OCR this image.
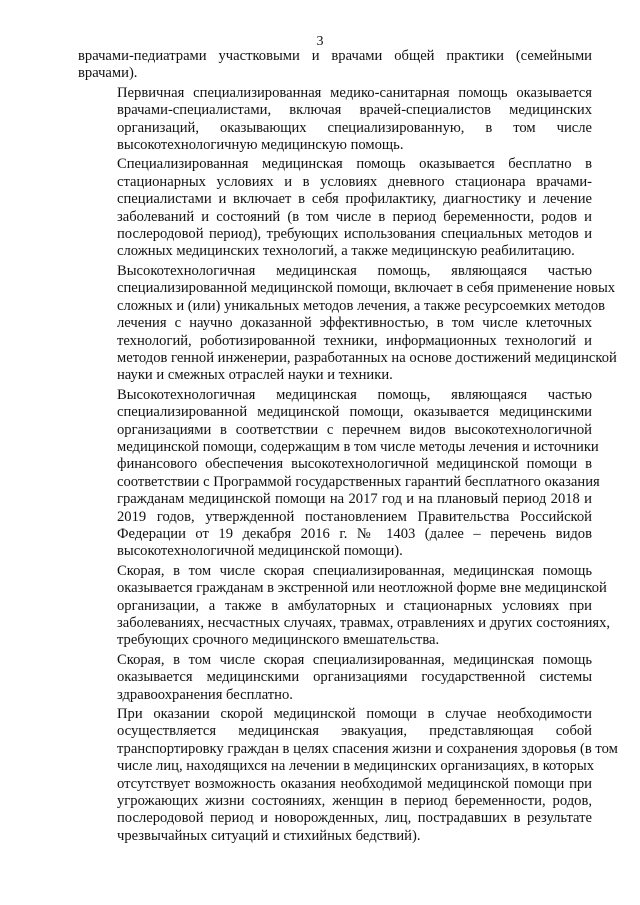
3

врачами-педиатрами участковыми и врачами общей практики (семейными
врачами).

Первичная специализированная медико-санитарная помощь оказывается
врачами-специалистами, включая врачей-специалистов медицинских
организаций, оказывающих специализированную, в том числе
высокотехнологичную медицинскую помощь.

Специализированная медицинская помощь оказывается бесплатно в
стационарных условиях и в условиях дневного стационара врачами-
специалистами и включает в себя профилактику, диагностику и лечение
заболеваний и состояний (в том числе в период беременности, родов и
послеродовой период), требующих использования специальных методов и
сложных медицинских технологий, а также медицинскую реабилитацию.

Высокотехнологичная медицинская помощь, являющаяся частью
специализированной медицинской помощи, включает в себя применение новых
сложных и (или) уникальных методов лечения, а также ресурсоемких методов
лечения с научно доказанной эффективностью, в том числе клеточных
технологий, роботизированной техники, информационных технологий и
методов генной инженерии, разработанных на основе достижений медицинской
науки и смежных отраслей науки и техники.

Высокотехнологичная медицинская помощь, являющаяся частью
специализированной медицинской помощи, оказывается медицинскими
организациями в соответствии с перечнем видов высокотехнологичной
медицинской помощи, содержащим в том числе методы лечения и источники
финансового обеспечения высокотехнологичной медицинской помощи в
соответствии с Программой государственных гарантий бесплатного оказания
гражданам медицинской помощи на 2017 год и на плановый период 2018 и
2019 годов, утвержденной постановлением Правительства Российской
Федерации от 19 декабря 2016 г. № 1403 (далее – перечень видов
высокотехнологичной медицинской помощи).

Скорая, в том числе скорая специализированная, медицинская помощь
оказывается гражданам в экстренной или неотложной форме вне медицинской
организации, а также в амбулаторных и стационарных условиях при
заболеваниях, несчастных случаях, травмах, отравлениях и других состояниях,
требующих срочного медицинского вмешательства.

Скорая, в том числе скорая специализированная, медицинская помощь
оказывается медицинскими организациями государственной системы
здравоохранения бесплатно.

При оказании скорой медицинской помощи в случае необходимости
осуществляется медицинская эвакуация, представляющая собой
транспортировку граждан в целях спасения жизни и сохранения здоровья (в том
числе лиц, находящихся на лечении в медицинских организациях, в которых
отсутствует возможность оказания необходимой медицинской помощи при
угрожающих жизни состояниях, женщин в период беременности, родов,
послеродовой период и новорожденных, лиц, пострадавших в результате
чрезвычайных ситуаций и стихийных бедствий).
